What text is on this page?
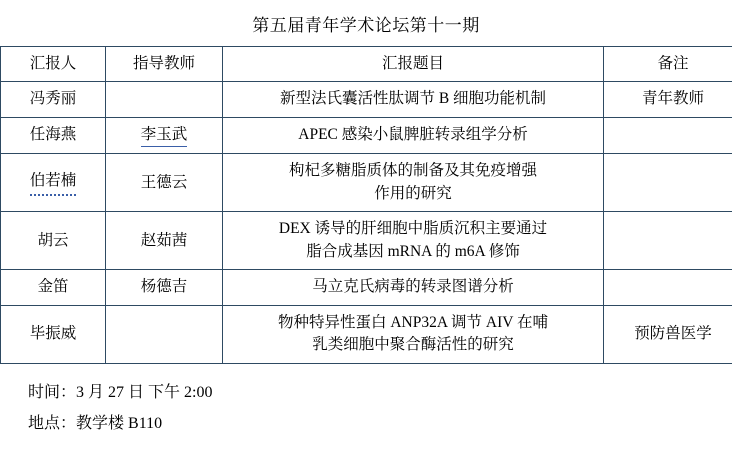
第五届青年学术论坛第十一期
汇报人	指导教师	汇报题目	备注
冯秀丽		新型法氏囊活性肽调节 B 细胞功能机制	青年教师
任海燕	李玉武	APEC 感染小鼠脾脏转录组学分析	
伯若楠	王德云	枸杞多糖脂质体的制备及其免疫增强
作用的研究	

胡云	赵茹茜	DEX 诱导的肝细胞中脂质沉积主要通过
脂合成基因 mRNA 的 m6A 修饰	

金笛	杨德吉	马立克氏病毒的转录图谱分析	
毕振威		物种特异性蛋白 ANP32A 调节 AIV 在哺
乳类细胞中聚合酶活性的研究	预防兽医学
时间：3 月 27 日 下午 2:00
地点：教学楼 B110
